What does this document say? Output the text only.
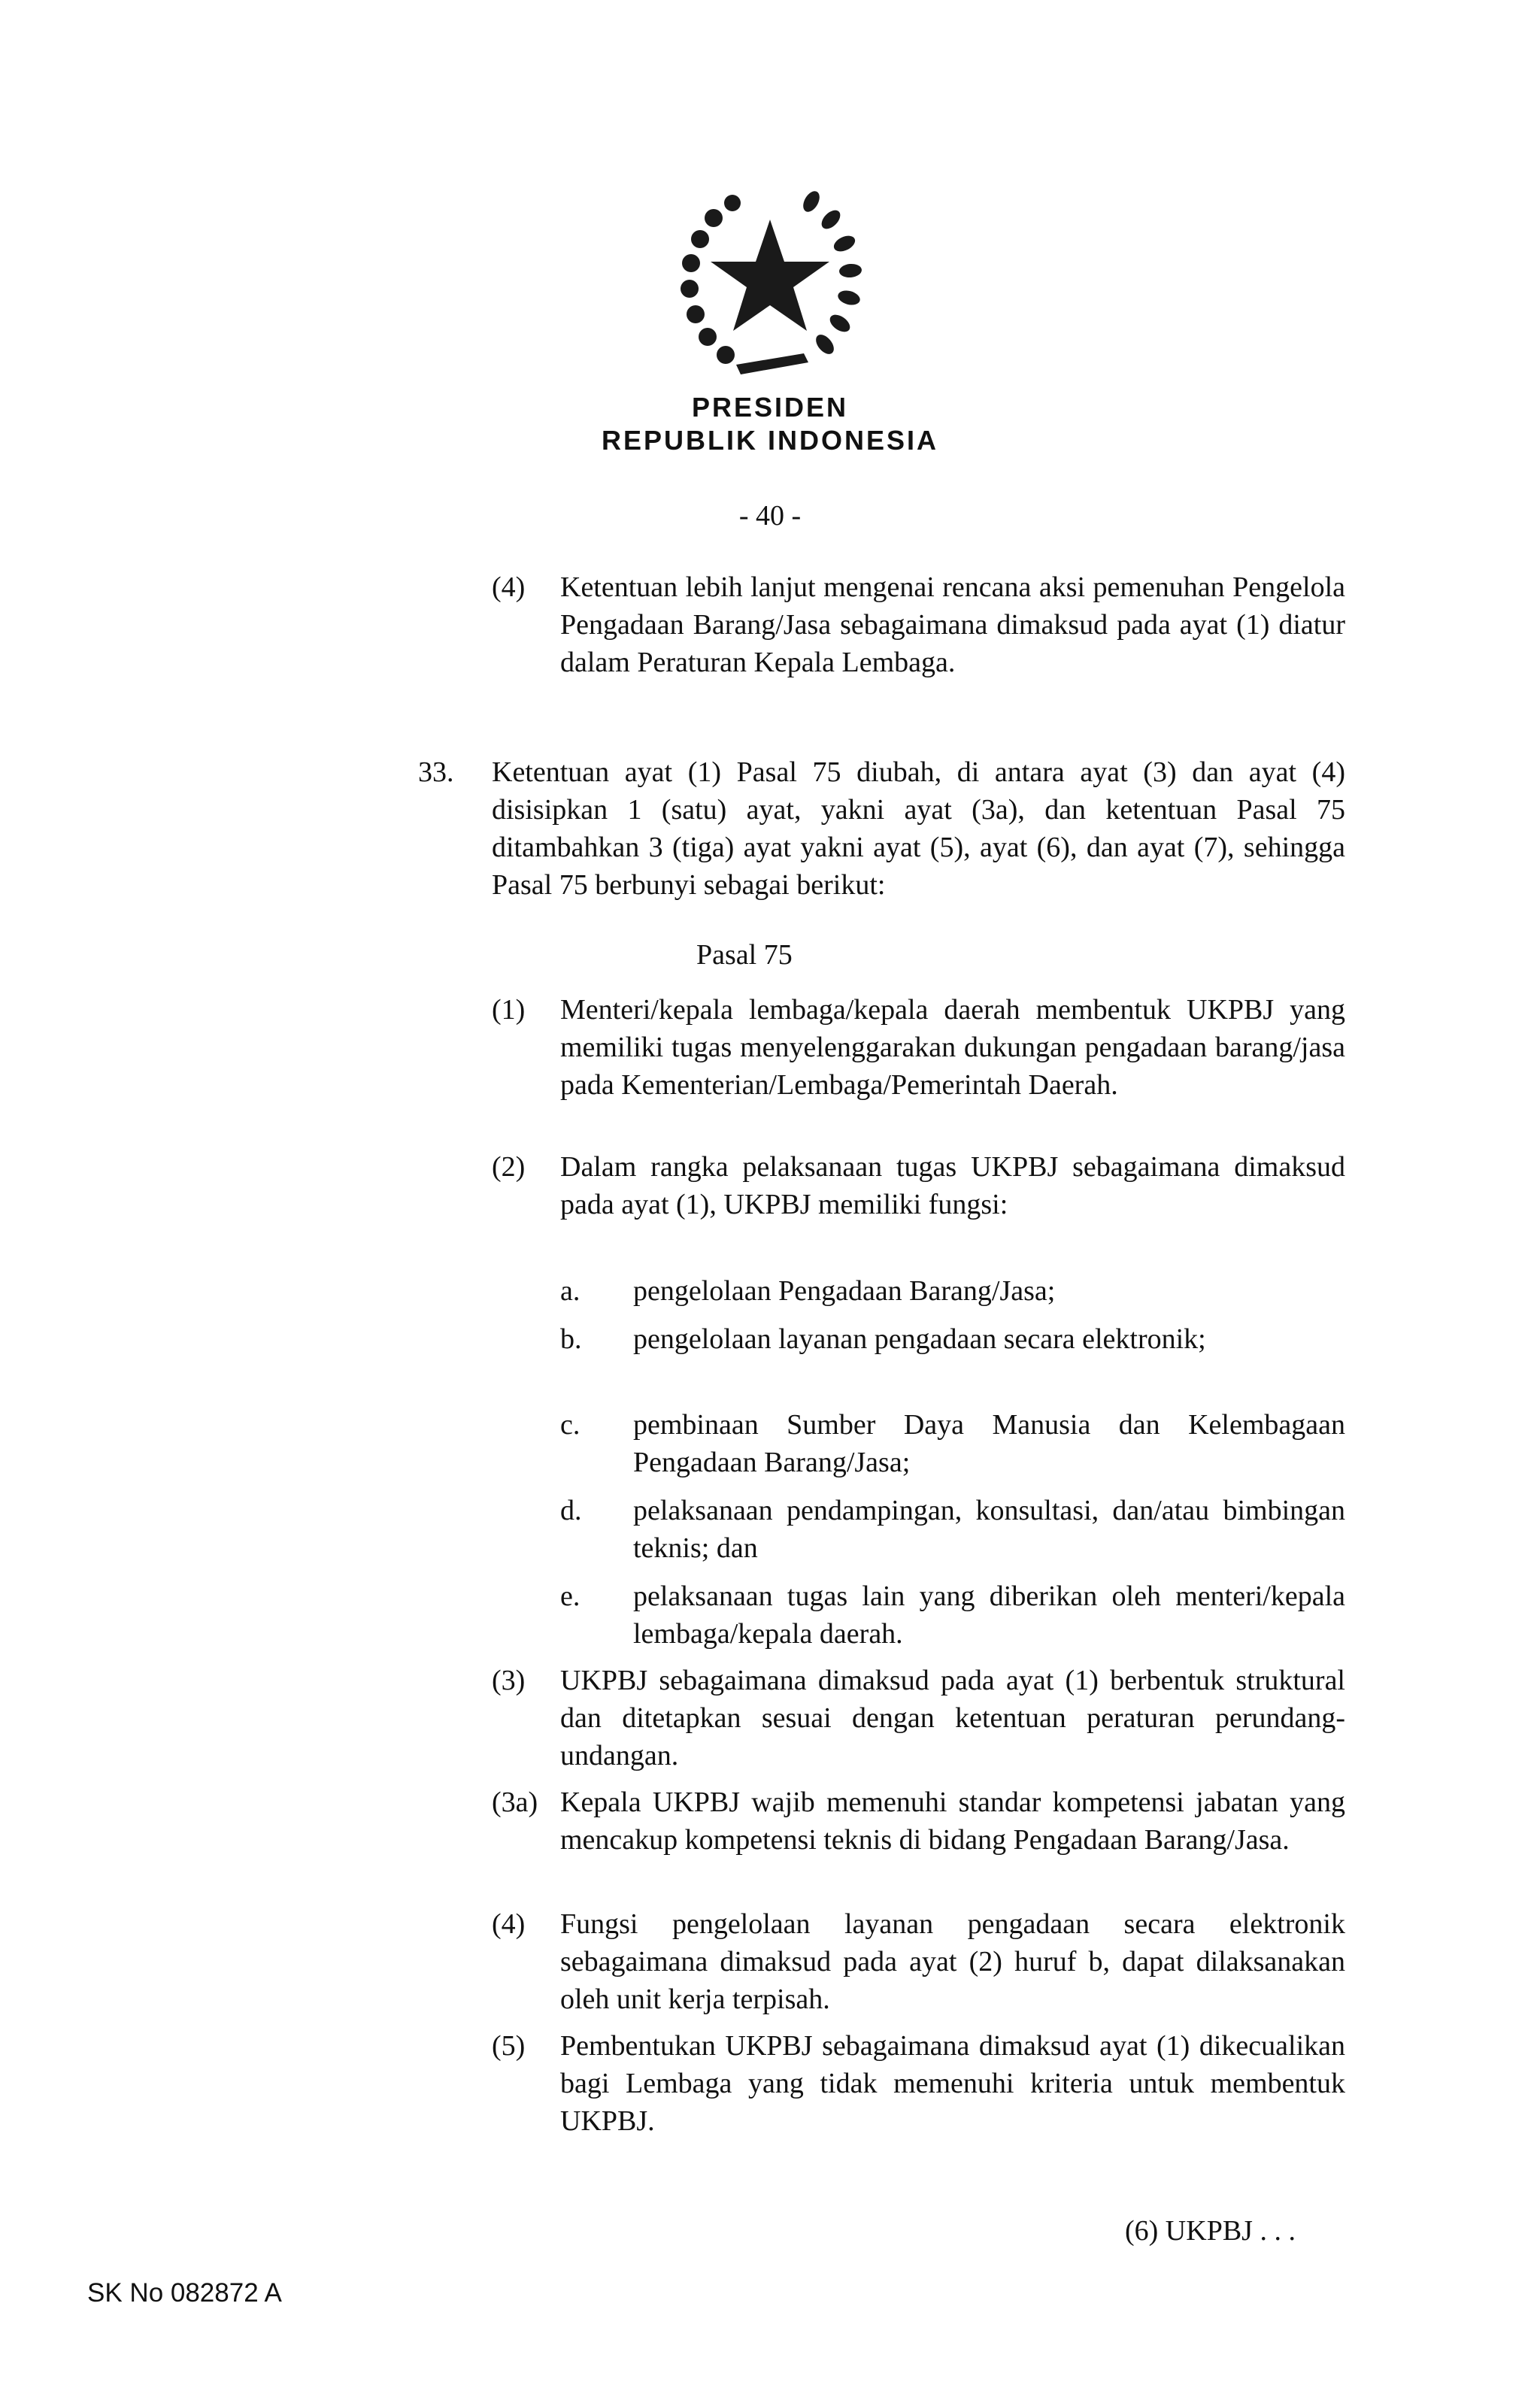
PRESIDEN

REPUBLIK INDONESIA

- 40 -
(4) Ketentuan lebih lanjut mengenai rencana aksi pemenuhan Pengelola Pengadaan Barang/Jasa sebagaimana dimaksud pada ayat (1) diatur dalam Peraturan Kepala Lembaga.
33. Ketentuan ayat (1) Pasal 75 diubah, di antara ayat (3) dan ayat (4) disisipkan 1 (satu) ayat, yakni ayat (3a), dan ketentuan Pasal 75 ditambahkan 3 (tiga) ayat yakni ayat (5), ayat (6), dan ayat (7), sehingga Pasal 75 berbunyi sebagai berikut:
Pasal 75
(1) Menteri/kepala lembaga/kepala daerah membentuk UKPBJ yang memiliki tugas menyelenggarakan dukungan pengadaan barang/jasa pada Kementerian/Lembaga/Pemerintah Daerah.
(2) Dalam rangka pelaksanaan tugas UKPBJ sebagaimana dimaksud pada ayat (1), UKPBJ memiliki fungsi:
a. pengelolaan Pengadaan Barang/Jasa;
b. pengelolaan layanan pengadaan secara elektronik;
c. pembinaan Sumber Daya Manusia dan Kelembagaan Pengadaan Barang/Jasa;
d. pelaksanaan pendampingan, konsultasi, dan/atau bimbingan teknis; dan
e. pelaksanaan tugas lain yang diberikan oleh menteri/kepala lembaga/kepala daerah.
(3) UKPBJ sebagaimana dimaksud pada ayat (1) berbentuk struktural dan ditetapkan sesuai dengan ketentuan peraturan perundang-undangan.
(3a) Kepala UKPBJ wajib memenuhi standar kompetensi jabatan yang mencakup kompetensi teknis di bidang Pengadaan Barang/Jasa.
(4) Fungsi pengelolaan layanan pengadaan secara elektronik sebagaimana dimaksud pada ayat (2) huruf b, dapat dilaksanakan oleh unit kerja terpisah.
(5) Pembentukan UKPBJ sebagaimana dimaksud ayat (1) dikecualikan bagi Lembaga yang tidak memenuhi kriteria untuk membentuk UKPBJ.
(6) UKPBJ . . .
SK No 082872 A
